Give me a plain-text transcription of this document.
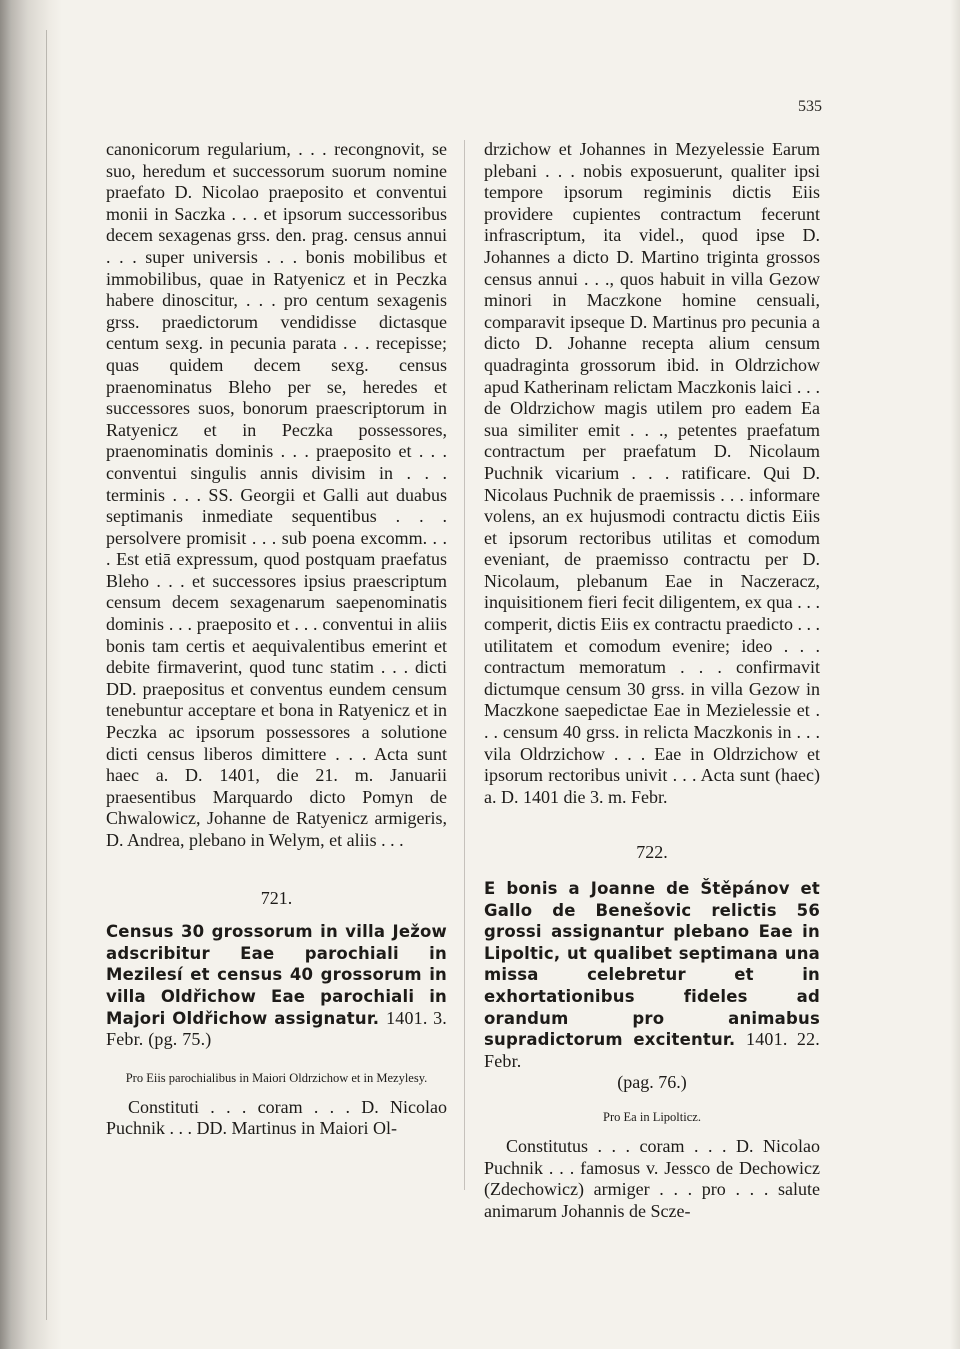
535

canonicorum regularium, . . . recongnovit, se suo, heredum et successorum suorum nomine praefato D. Nicolao praeposito et conventui monii in Saczka . . . et ipsorum successoribus decem sexagenas grss. den. prag. census annui . . . super universis . . . bonis mobilibus et immobilibus, quae in Ratyenicz et in Peczka habere dinoscitur, . . . pro centum sexagenis grss. praedictorum vendidisse dictasque centum sexg. in pecunia parata . . . recepisse; quas quidem decem sexg. census praenominatus Bleho per se, heredes et successores suos, bonorum praescriptorum in Ratyenicz et in Peczka possessores, praenominatis dominis . . . praeposito et . . . conventui singulis annis divisim in . . . terminis . . . SS. Georgii et Galli aut duabus septimanis inmediate sequentibus . . . persolvere promisit . . . sub poena excomm. . . . Est etiā expressum, quod postquam praefatus Bleho . . . et successores ipsius praescriptum censum decem sexagenarum saepenominatis dominis . . . praeposito et . . . conventui in aliis bonis tam certis et aequivalentibus emerint et debite firmaverint, quod tunc statim . . . dicti DD. praepositus et conventus eundem censum tenebuntur acceptare et bona in Ratyenicz et in Peczka ac ipsorum possessores a solutione dicti census liberos dimittere . . . Acta sunt haec a. D. 1401, die 21. m. Januarii praesentibus Marquardo dicto Pomyn de Chwalowicz, Johanne de Ratyenicz armigeris, D. Andrea, plebano in Welym, et aliis . . .

721.

Census 30 grossorum in villa Ježow adscribitur Eae parochiali in Mezilesí et census 40 grossorum in villa Oldřichow Eae parochiali in Majori Oldřichow assignatur. 1401. 3. Febr. (pg. 75.)

Pro Eiis parochialibus in Maiori Oldrzichow et in Mezylesy.

Constituti . . . coram . . . D. Nicolao Puchnik . . . DD. Martinus in Maiori Ol-

drzichow et Johannes in Mezyelessie Earum plebani . . . nobis exposuerunt, qualiter ipsi tempore ipsorum regiminis dictis Eiis providere cupientes contractum fecerunt infrascriptum, ita videl., quod ipse D. Johannes a dicto D. Martino triginta grossos census annui . . ., quos habuit in villa Gezow minori in Maczkone homine censuali, comparavit ipseque D. Martinus pro pecunia a dicto D. Johanne recepta alium censum quadraginta grossorum ibid. in Oldrzichow apud Katherinam relictam Maczkonis laici . . . de Oldrzichow magis utilem pro eadem Ea sua similiter emit . . ., petentes praefatum contractum per praefatum D. Nicolaum Puchnik vicarium . . . ratificare. Qui D. Nicolaus Puchnik de praemissis . . . informare volens, an ex hujusmodi contractu dictis Eiis et ipsorum rectoribus utilitas et comodum eveniant, de praemisso contractu per D. Nicolaum, plebanum Eae in Naczeracz, inquisitionem fieri fecit diligentem, ex qua . . . comperit, dictis Eiis ex contractu praedicto . . . utilitatem et comodum evenire; ideo . . . contractum memoratum . . . confirmavit dictumque censum 30 grss. in villa Gezow in Maczkone saepedictae Eae in Mezielessie et . . . censum 40 grss. in relicta Maczkonis in . . . vila Oldrzichow . . . Eae in Oldrzichow et ipsorum rectoribus univit . . . Acta sunt (haec) a. D. 1401 die 3. m. Febr.

722.

E bonis a Joanne de Štěpánov et Gallo de Benešovic relictis 56 grossi assignantur plebano Eae in Lipoltic, ut qualibet septimana una missa celebretur et in exhortationibus fideles ad orandum pro animabus supradictorum excitentur. 1401. 22. Febr.

(pag. 76.)

Pro Ea in Lipolticz.

Constitutus . . . coram . . . D. Nicolao Puchnik . . . famosus v. Jessco de Dechowicz (Zdechowicz) armiger . . . pro . . . salute animarum Johannis de Scze-
